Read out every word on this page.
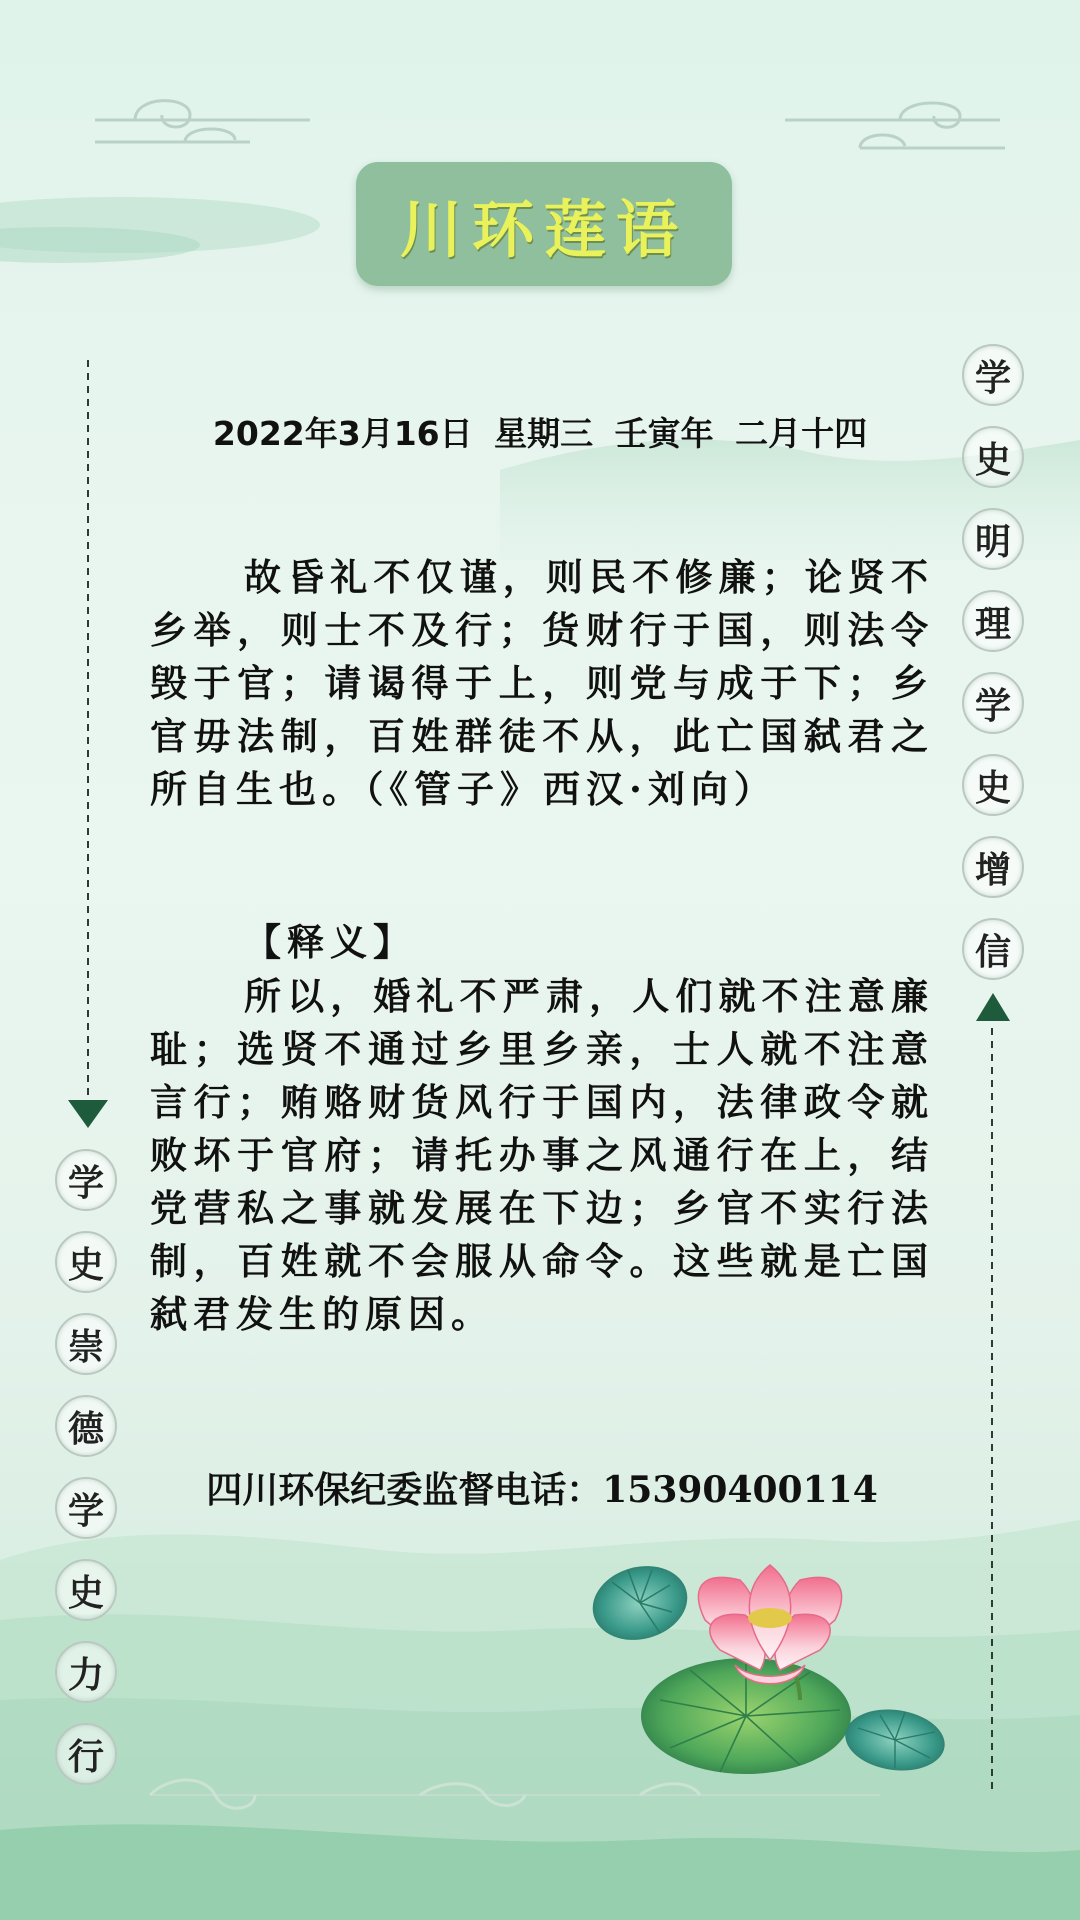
川环莲语
2022年3月16日 星期三 壬寅年 二月十四
故昏礼不仅谨，则民不修廉；论贤不乡举，则士不及行；货财行于国，则法令毁于官；请谒得于上，则党与成于下；乡官毋法制，百姓群徒不从，此亡国弑君之所自生也。（《管子》西汉·刘向）
【释义】
所以，婚礼不严肃，人们就不注意廉耻；选贤不通过乡里乡亲，士人就不注意言行；贿赂财货风行于国内，法律政令就败坏于官府；请托办事之风通行在上，结党营私之事就发展在下边；乡官不实行法制，百姓就不会服从命令。这些就是亡国弑君发生的原因。
四川环保纪委监督电话：15390400114
学
史
明
理
学
史
增
信
学
史
崇
德
学
史
力
行
